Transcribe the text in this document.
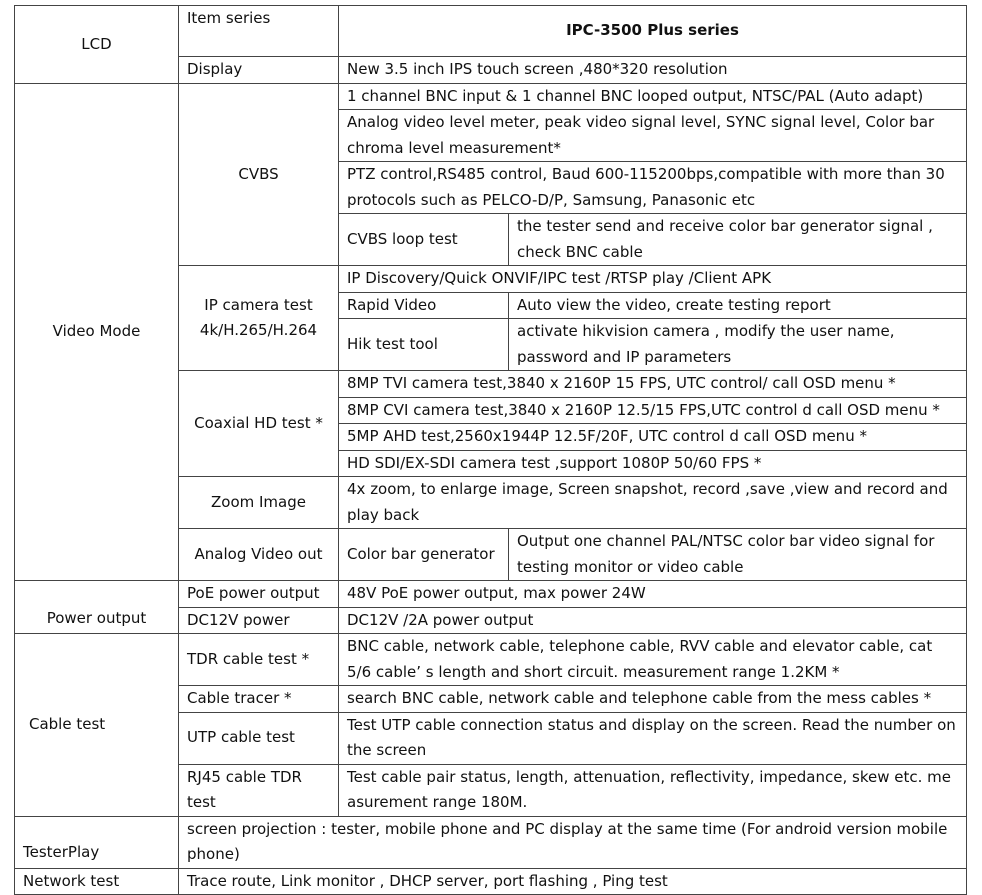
LCD	Item series	IPC-3500 Plus series	

	Display	New 3.5 inch IPS touch screen ,480*320 resolution	
Video Mode	CVBS	1 channel BNC input & 1 channel BNC looped output, NTSC/PAL (Auto adapt)	
		Analog video level meter, peak video signal level, SYNC signal level, Color bar chroma level measurement*	
		PTZ control,RS485 control, Baud 600-115200bps,compatible with more than 30 protocols such as PELCO-D/P, Samsung, Panasonic etc	
		CVBS loop test	the tester send and receive color bar generator signal , check BNC cable

	IP camera test 4k/H.265/H.264	IP Discovery/Quick ONVIF/IPC test /RTSP play /Client APK	
		Rapid Video	Auto view the video, create testing report
		Hik test tool	activate hikvision camera , modify the user name, password and IP parameters
	Coaxial HD test *	8MP TVI camera test,3840 x 2160P 15 FPS, UTC control/ call OSD menu *	
		8MP CVI camera test,3840 x 2160P 12.5/15 FPS,UTC control d call OSD menu *	
		5MP AHD test,2560x1944P 12.5F/20F, UTC control d call OSD menu *	
		HD SDI/EX-SDI camera test ,support 1080P 50/60 FPS *	
	Zoom Image	4x zoom, to enlarge image, Screen snapshot, record ,save ,view and record and play back	

	Analog Video out	Color bar generator	Output one channel PAL/NTSC color bar video signal for testing monitor or video cable
Power output	PoE power output	48V PoE power output, max power 24W	
	DC12V power	DC12V /2A power output	
Cable test	TDR cable test *	BNC cable, network cable, telephone cable, RVV cable and elevator cable, cat 5/6 cable’ s length and short circuit. measurement range 1.2KM *	
	Cable tracer *	search BNC cable, network cable and telephone cable from the mess cables *	
	UTP cable test	Test UTP cable connection status and display on the screen. Read the number on the screen	
	RJ45 cable TDR test	Test cable pair status, length, attenuation, reflectivity, impedance, skew etc. me asurement range 180M.	
TesterPlay	screen projection : tester, mobile phone and PC display at the same time (For android version mobile phone)		
Network test	Trace route, Link monitor , DHCP server, port flashing , Ping test		
